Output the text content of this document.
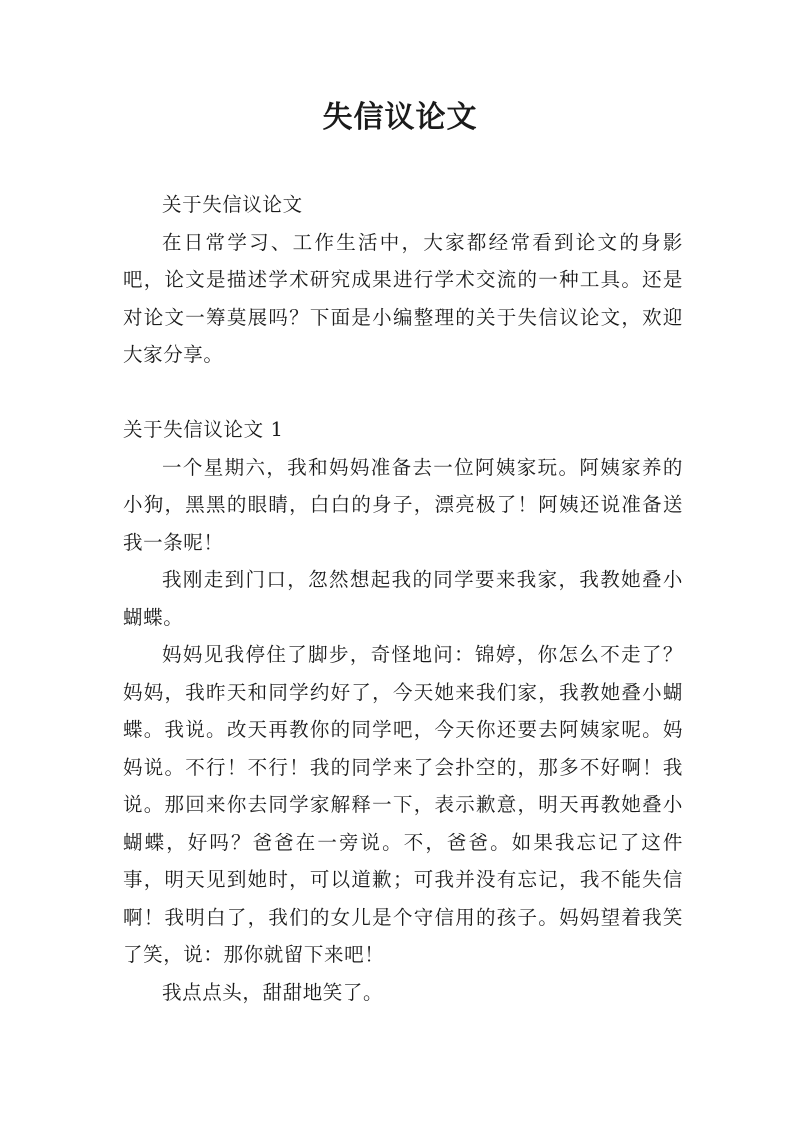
失信议论文

关于失信议论文

在日常学习、工作生活中，大家都经常看到论文的身影吧，论文是描述学术研究成果进行学术交流的一种工具。还是对论文一筹莫展吗？下面是小编整理的关于失信议论文，欢迎大家分享。

关于失信议论文 1

一个星期六，我和妈妈准备去一位阿姨家玩。阿姨家养的小狗，黑黑的眼睛，白白的身子，漂亮极了！阿姨还说准备送我一条呢！

我刚走到门口，忽然想起我的同学要来我家，我教她叠小蝴蝶。

妈妈见我停住了脚步，奇怪地问：锦婷，你怎么不走了？妈妈，我昨天和同学约好了，今天她来我们家，我教她叠小蝴蝶。我说。改天再教你的同学吧，今天你还要去阿姨家呢。妈妈说。不行！不行！我的同学来了会扑空的，那多不好啊！我说。那回来你去同学家解释一下，表示歉意，明天再教她叠小蝴蝶，好吗？爸爸在一旁说。不，爸爸。如果我忘记了这件事，明天见到她时，可以道歉；可我并没有忘记，我不能失信啊！我明白了，我们的女儿是个守信用的孩子。妈妈望着我笑了笑，说：那你就留下来吧！

我点点头，甜甜地笑了。
